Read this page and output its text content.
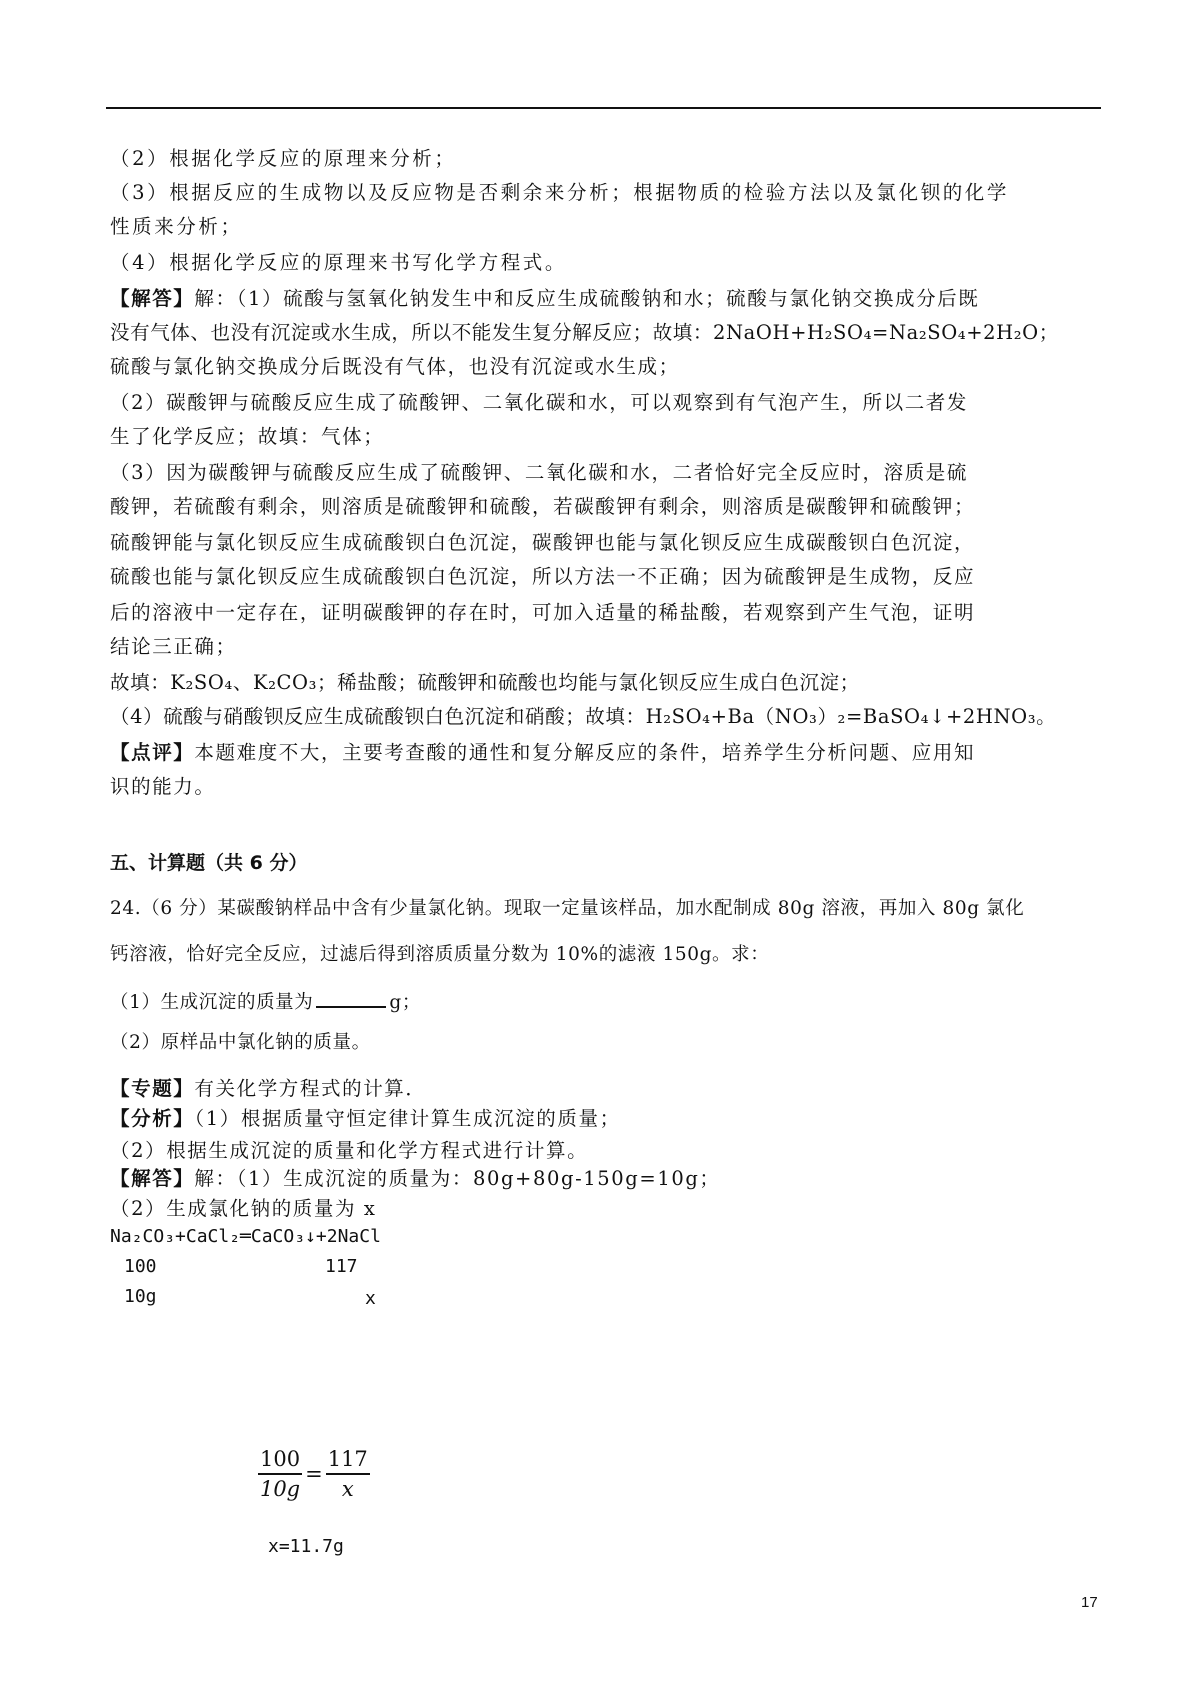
（2）根据化学反应的原理来分析；
（3）根据反应的生成物以及反应物是否剩余来分析；根据物质的检验方法以及氯化钡的化学
性质来分析；
（4）根据化学反应的原理来书写化学方程式。
【解答】解：（1）硫酸与氢氧化钠发生中和反应生成硫酸钠和水；硫酸与氯化钠交换成分后既
没有气体、也没有沉淀或水生成，所以不能发生复分解反应；故填：2NaOH+H₂SO₄=Na₂SO₄+2H₂O；
硫酸与氯化钠交换成分后既没有气体，也没有沉淀或水生成；
（2）碳酸钾与硫酸反应生成了硫酸钾、二氧化碳和水，可以观察到有气泡产生，所以二者发
生了化学反应；故填：气体；
（3）因为碳酸钾与硫酸反应生成了硫酸钾、二氧化碳和水，二者恰好完全反应时，溶质是硫
酸钾，若硫酸有剩余，则溶质是硫酸钾和硫酸，若碳酸钾有剩余，则溶质是碳酸钾和硫酸钾；
硫酸钾能与氯化钡反应生成硫酸钡白色沉淀，碳酸钾也能与氯化钡反应生成碳酸钡白色沉淀，
硫酸也能与氯化钡反应生成硫酸钡白色沉淀，所以方法一不正确；因为硫酸钾是生成物，反应
后的溶液中一定存在，证明碳酸钾的存在时，可加入适量的稀盐酸，若观察到产生气泡，证明
结论三正确；
故填：K₂SO₄、K₂CO₃；稀盐酸；硫酸钾和硫酸也均能与氯化钡反应生成白色沉淀；
（4）硫酸与硝酸钡反应生成硫酸钡白色沉淀和硝酸；故填：H₂SO₄+Ba（NO₃）₂=BaSO₄↓+2HNO₃。
【点评】本题难度不大，主要考查酸的通性和复分解反应的条件，培养学生分析问题、应用知
识的能力。
五、计算题（共 6 分）
24.（6 分）某碳酸钠样品中含有少量氯化钠。现取一定量该样品，加水配制成 80g 溶液，再加入 80g 氯化
钙溶液，恰好完全反应，过滤后得到溶质质量分数为 10%的滤液 150g。求：
（1）生成沉淀的质量为	g；
（2）原样品中氯化钠的质量。
【专题】有关化学方程式的计算．
【分析】（1）根据质量守恒定律计算生成沉淀的质量；
（2）根据生成沉淀的质量和化学方程式进行计算。
【解答】解：（1）生成沉淀的质量为：80g+80g-150g=10g；
（2）生成氯化钠的质量为 x
Na₂CO₃+CaCl₂═CaCO₃↓+2NaCl
100	117
10g	x
$\frac{100}{10g} = \frac{117}{x}$
x=11.7g
17
